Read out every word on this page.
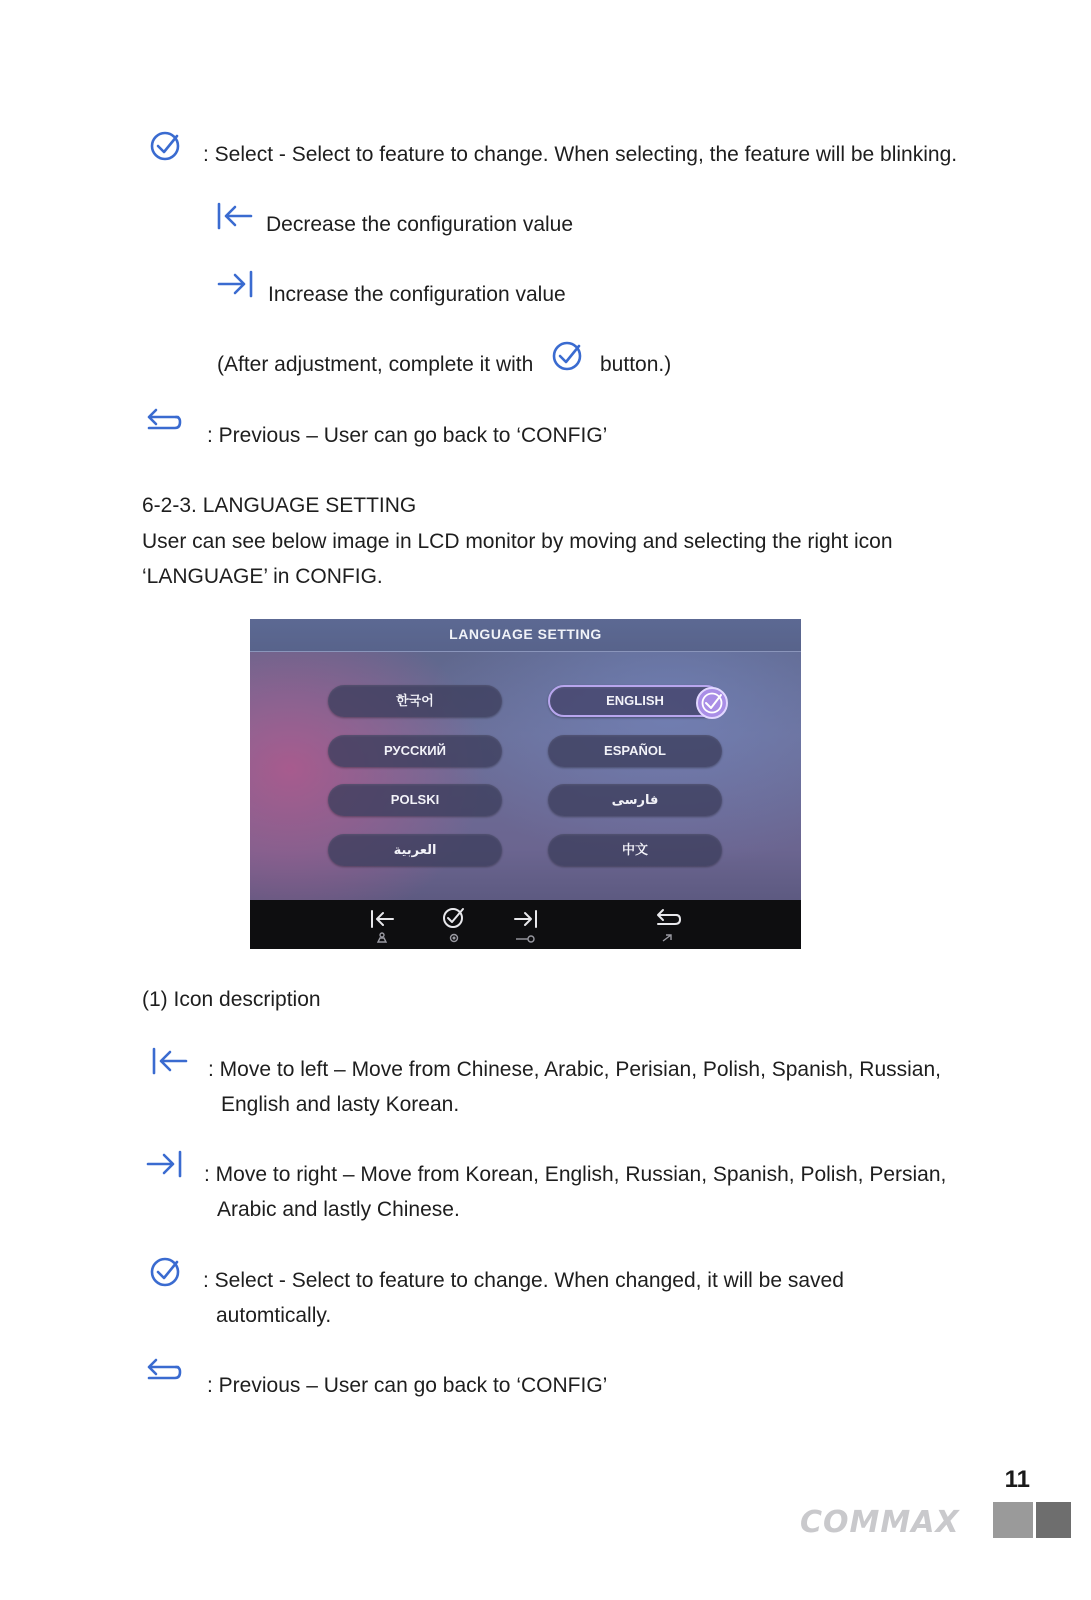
: Select - Select to feature to change. When selecting, the feature will be blinking.
Decrease the configuration value
Increase the configuration value
(After adjustment, complete it with	button.)
: Previous – User can go back to ‘CONFIG’
6-2-3. LANGUAGE SETTING
User can see below image in LCD monitor by moving and selecting the right icon
‘LANGUAGE’ in CONFIG.
LANGUAGE SETTING
한국어	ENGLISH
РУССКИЙ	ESPAÑOL
POLSKI	فارسی
العربية	中文
(1) Icon description
: Move to left – Move from Chinese, Arabic, Perisian, Polish, Spanish, Russian,
English and lasty Korean.
: Move to right – Move from Korean, English, Russian, Spanish, Polish, Persian,
Arabic and lastly Chinese.
: Select - Select to feature to change. When changed, it will be saved
automtically.
: Previous – User can go back to ‘CONFIG’
11
COMMAX
